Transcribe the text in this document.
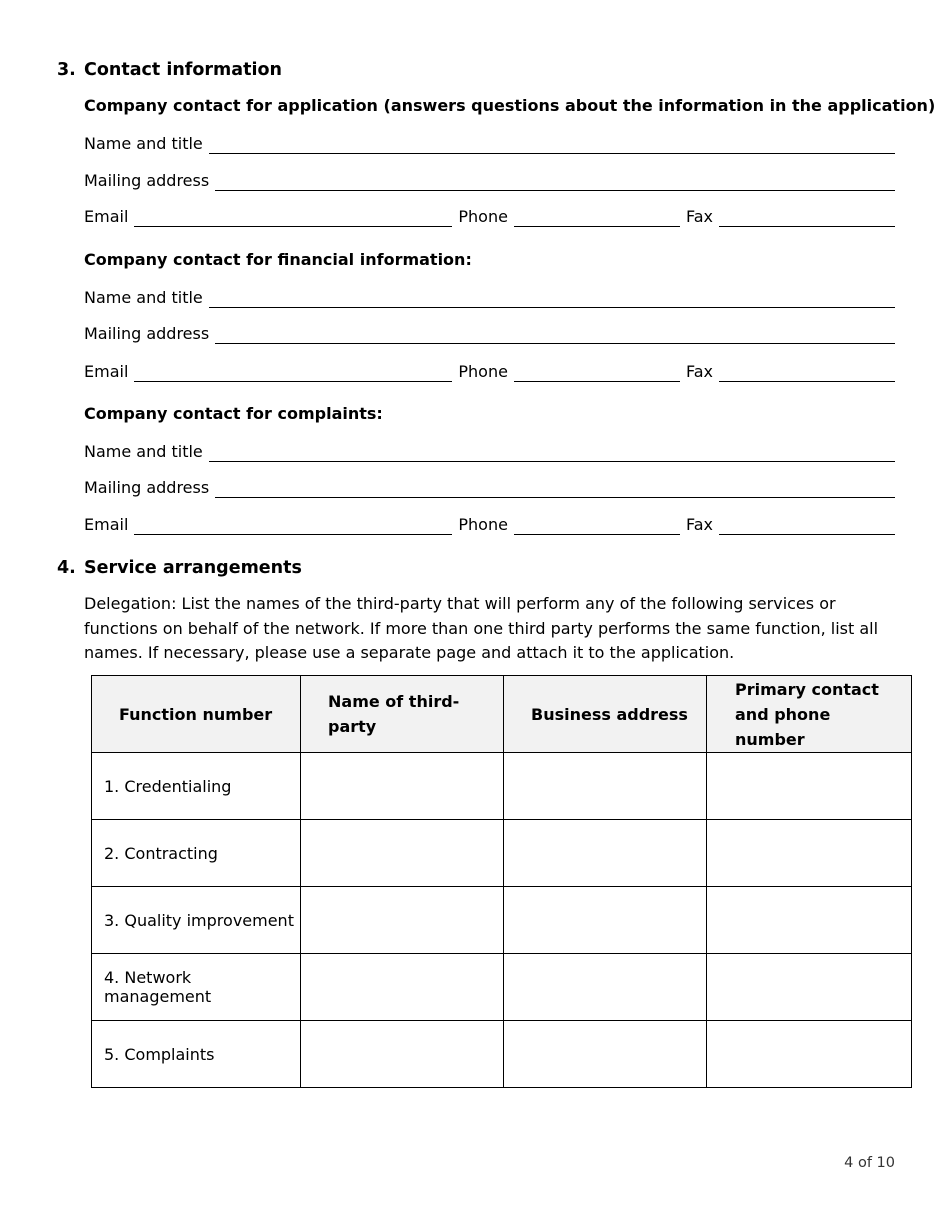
3. Contact information
Company contact for application (answers questions about the information in the application)
Name and title
Mailing address
Email	Phone	Fax
Company contact for financial information:
Name and title
Mailing address
Email	Phone	Fax
Company contact for complaints:
Name and title
Mailing address
Email	Phone	Fax
4. Service arrangements
Delegation: List the names of the third-party that will perform any of the following services or functions on behalf of the network. If more than one third party performs the same function, list all names. If necessary, please use a separate page and attach it to the application.
Function number	Name of third-party	Business address	Primary contact and phone number
1. Credentialing			
2. Contracting			
3. Quality improvement			
4. Network management			
5. Complaints			
4 of 10
